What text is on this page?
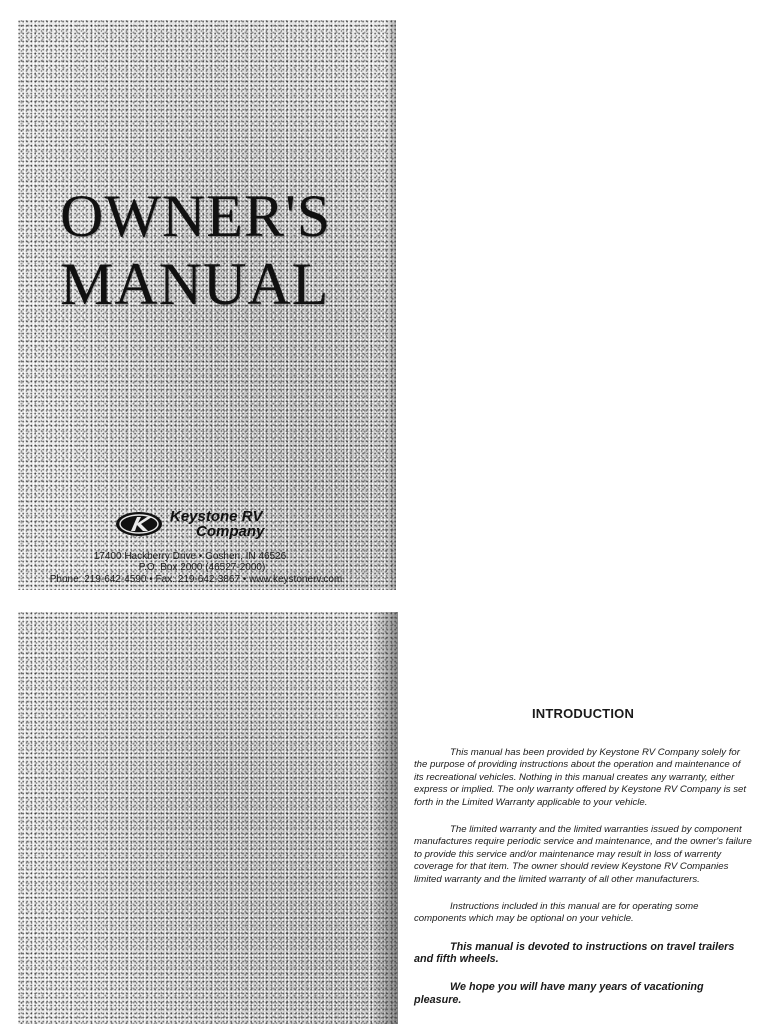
OWNER'S
MANUAL
Keystone RV
Company
17400 Hackberry Drive • Goshen, IN 46526
P.O. Box 2000 (46527-2000)
Phone: 219-642-4590 • Fax: 219-642-3867 • www.keystonerv.com
INTRODUCTION

This manual has been provided by Keystone RV Company solely for the purpose of providing instructions about the operation and maintenance of its recreational vehicles. Nothing in this manual creates any warranty, either express or implied. The only warranty offered by Keystone RV Company is set forth in the Limited Warranty applicable to your vehicle.

The limited warranty and the limited warranties issued by component manufactures require periodic service and maintenance, and the owner's failure to provide this service and/or maintenance may result in loss of warrenty coverage for that item. The owner should review Keystone RV Companies limited warranty and the limited warranty of all other manufacturers.

Instructions included in this manual are for operating some components which may be optional on your vehicle.

This manual is devoted to instructions on travel trailers and fifth wheels.

We hope you will have many years of vacationing pleasure.
